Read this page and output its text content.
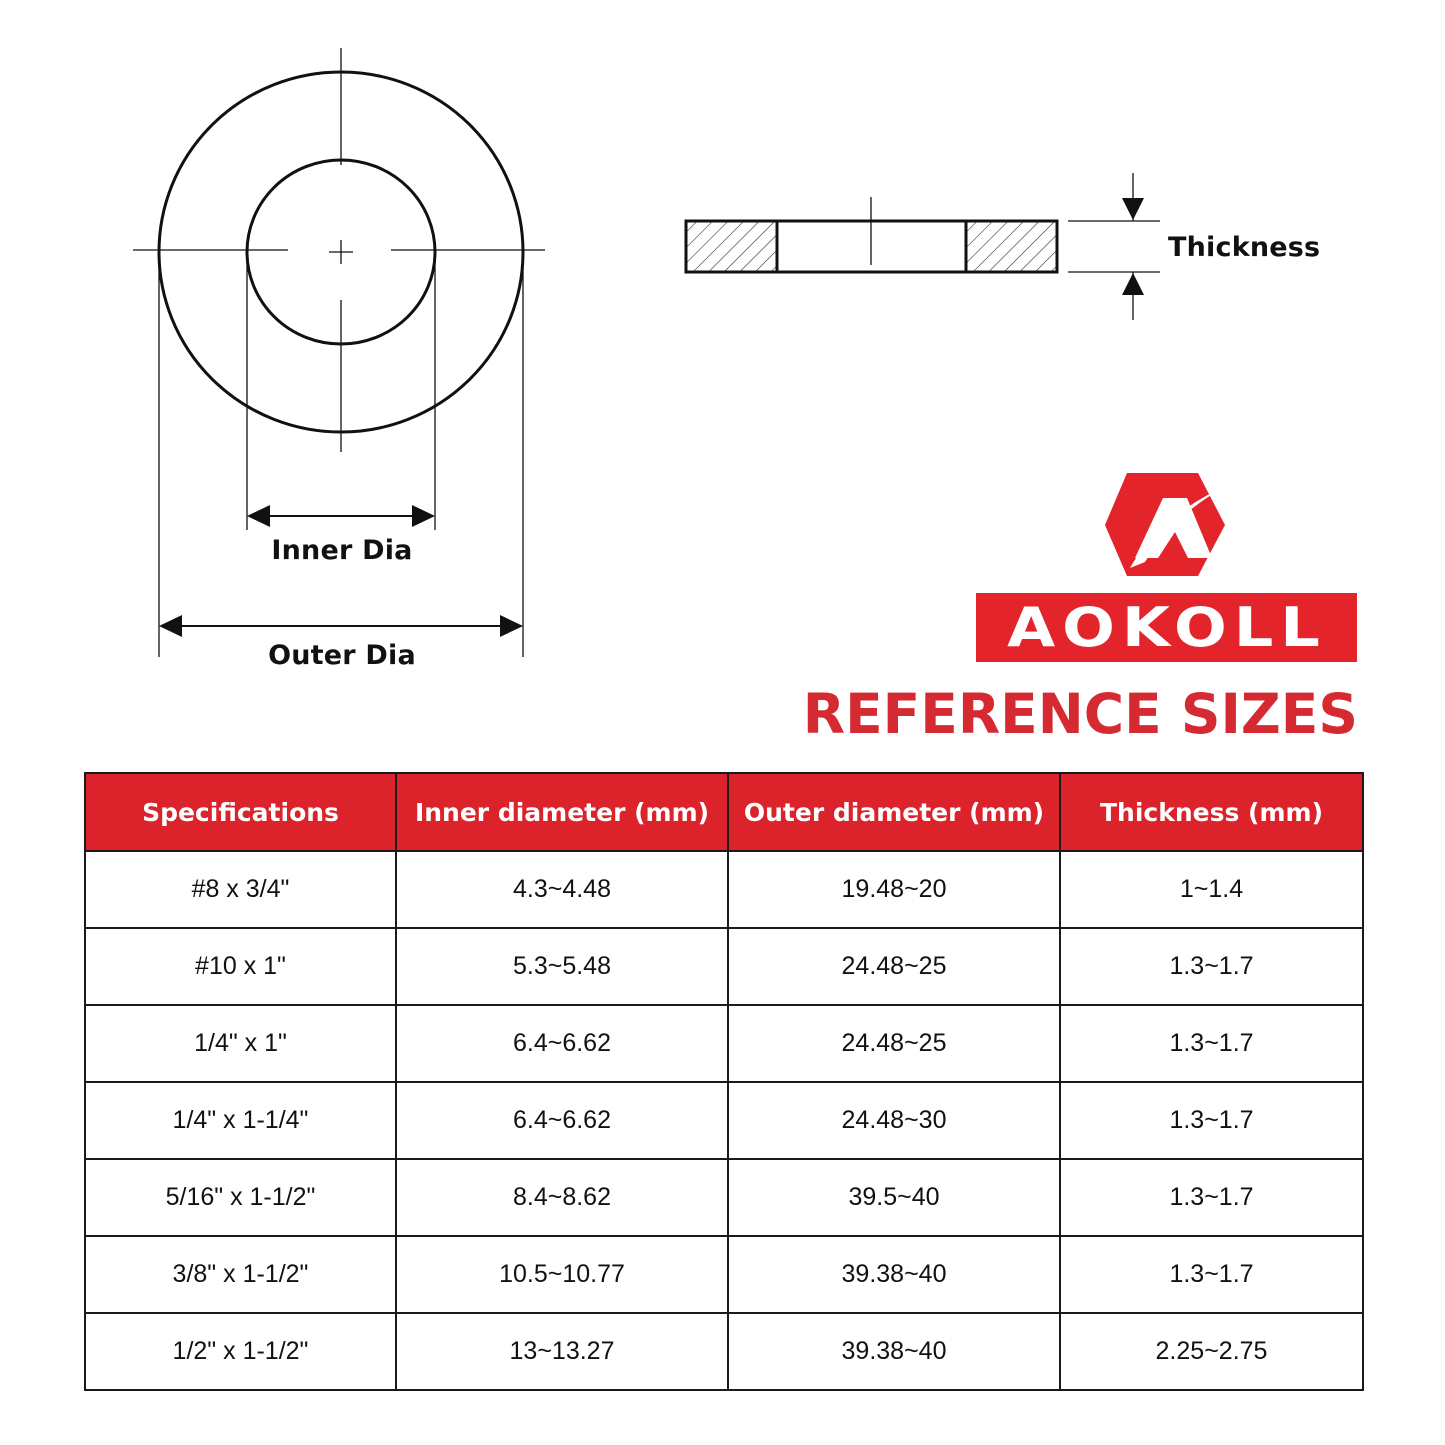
Inner Dia
Outer Dia
Thickness
AOKOLL
REFERENCE SIZES
Specifications	Inner diameter (mm)	Outer diameter (mm)	Thickness (mm)
#8 x 3/4"	4.3~4.48	19.48~20	1~1.4
#10 x 1"	5.3~5.48	24.48~25	1.3~1.7
1/4" x 1"	6.4~6.62	24.48~25	1.3~1.7
1/4" x 1-1/4"	6.4~6.62	24.48~30	1.3~1.7
5/16" x 1-1/2"	8.4~8.62	39.5~40	1.3~1.7
3/8" x 1-1/2"	10.5~10.77	39.38~40	1.3~1.7
1/2" x 1-1/2"	13~13.27	39.38~40	2.25~2.75
